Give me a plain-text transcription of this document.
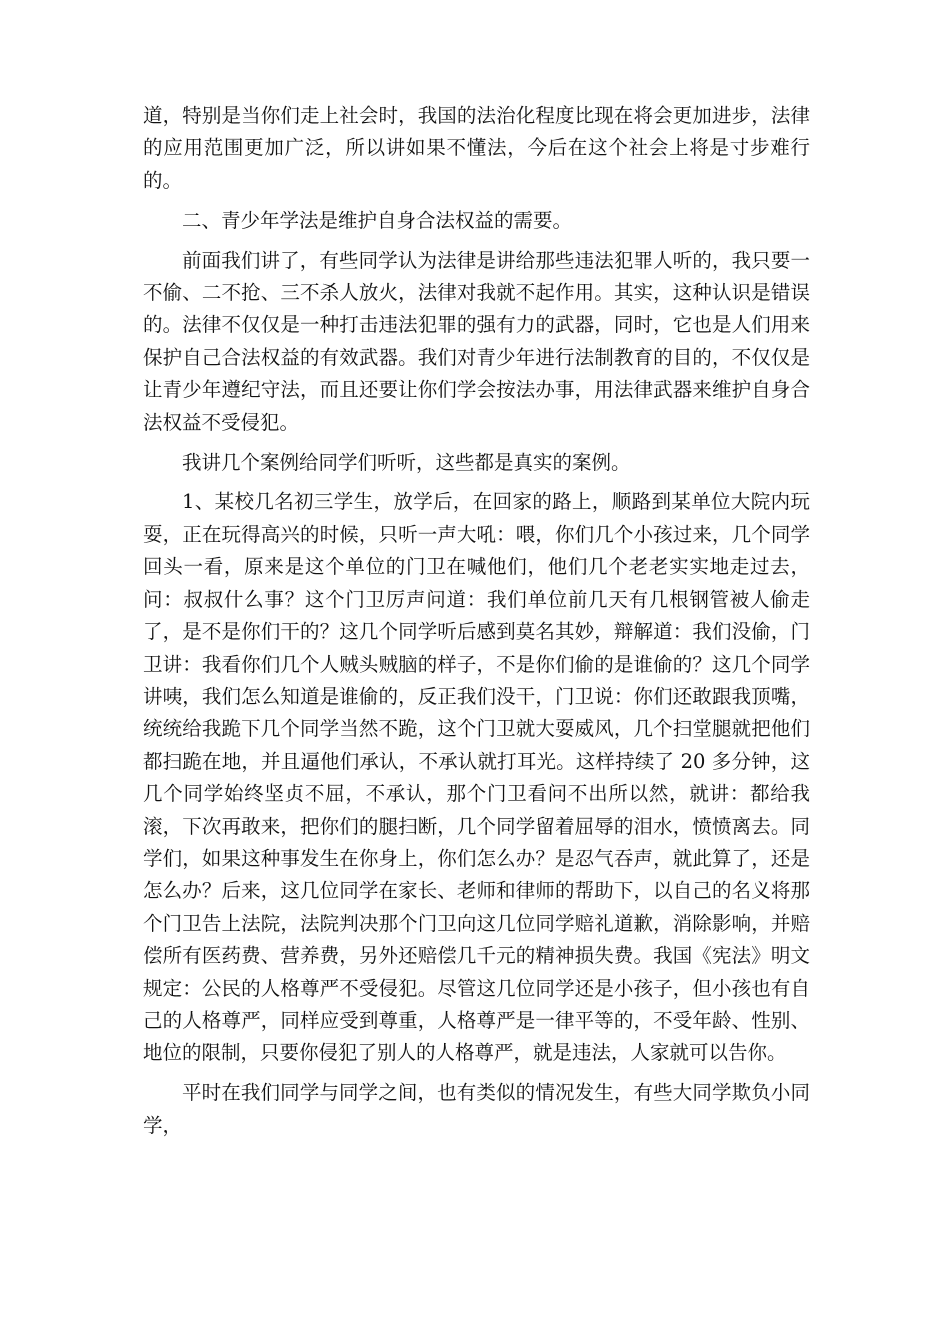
道，特别是当你们走上社会时，我国的法治化程度比现在将会更加进步，法律的应用范围更加广泛，所以讲如果不懂法，今后在这个社会上将是寸步难行的。

二、青少年学法是维护自身合法权益的需要。

前面我们讲了，有些同学认为法律是讲给那些违法犯罪人听的，我只要一不偷、二不抢、三不杀人放火，法律对我就不起作用。其实，这种认识是错误的。法律不仅仅是一种打击违法犯罪的强有力的武器，同时，它也是人们用来保护自己合法权益的有效武器。我们对青少年进行法制教育的目的，不仅仅是让青少年遵纪守法，而且还要让你们学会按法办事，用法律武器来维护自身合法权益不受侵犯。

我讲几个案例给同学们听听，这些都是真实的案例。

1、某校几名初三学生，放学后，在回家的路上，顺路到某单位大院内玩耍，正在玩得高兴的时候，只听一声大吼：喂，你们几个小孩过来，几个同学回头一看，原来是这个单位的门卫在喊他们，他们几个老老实实地走过去，问：叔叔什么事？这个门卫厉声问道：我们单位前几天有几根钢管被人偷走了，是不是你们干的？这几个同学听后感到莫名其妙，辩解道：我们没偷，门卫讲：我看你们几个人贼头贼脑的样子，不是你们偷的是谁偷的？这几个同学讲咦，我们怎么知道是谁偷的，反正我们没干，门卫说：你们还敢跟我顶嘴，统统给我跪下几个同学当然不跪，这个门卫就大耍威风，几个扫堂腿就把他们都扫跪在地，并且逼他们承认，不承认就打耳光。这样持续了 20 多分钟，这几个同学始终坚贞不屈，不承认，那个门卫看问不出所以然，就讲：都给我滚，下次再敢来，把你们的腿扫断，几个同学留着屈辱的泪水，愤愤离去。同学们，如果这种事发生在你身上，你们怎么办？是忍气吞声，就此算了，还是怎么办？后来，这几位同学在家长、老师和律师的帮助下，以自己的名义将那个门卫告上法院，法院判决那个门卫向这几位同学赔礼道歉，消除影响，并赔偿所有医药费、营养费，另外还赔偿几千元的精神损失费。我国《宪法》明文规定：公民的人格尊严不受侵犯。尽管这几位同学还是小孩子，但小孩也有自己的人格尊严，同样应受到尊重，人格尊严是一律平等的，不受年龄、性别、地位的限制，只要你侵犯了别人的人格尊严，就是违法，人家就可以告你。

平时在我们同学与同学之间，也有类似的情况发生，有些大同学欺负小同学，
